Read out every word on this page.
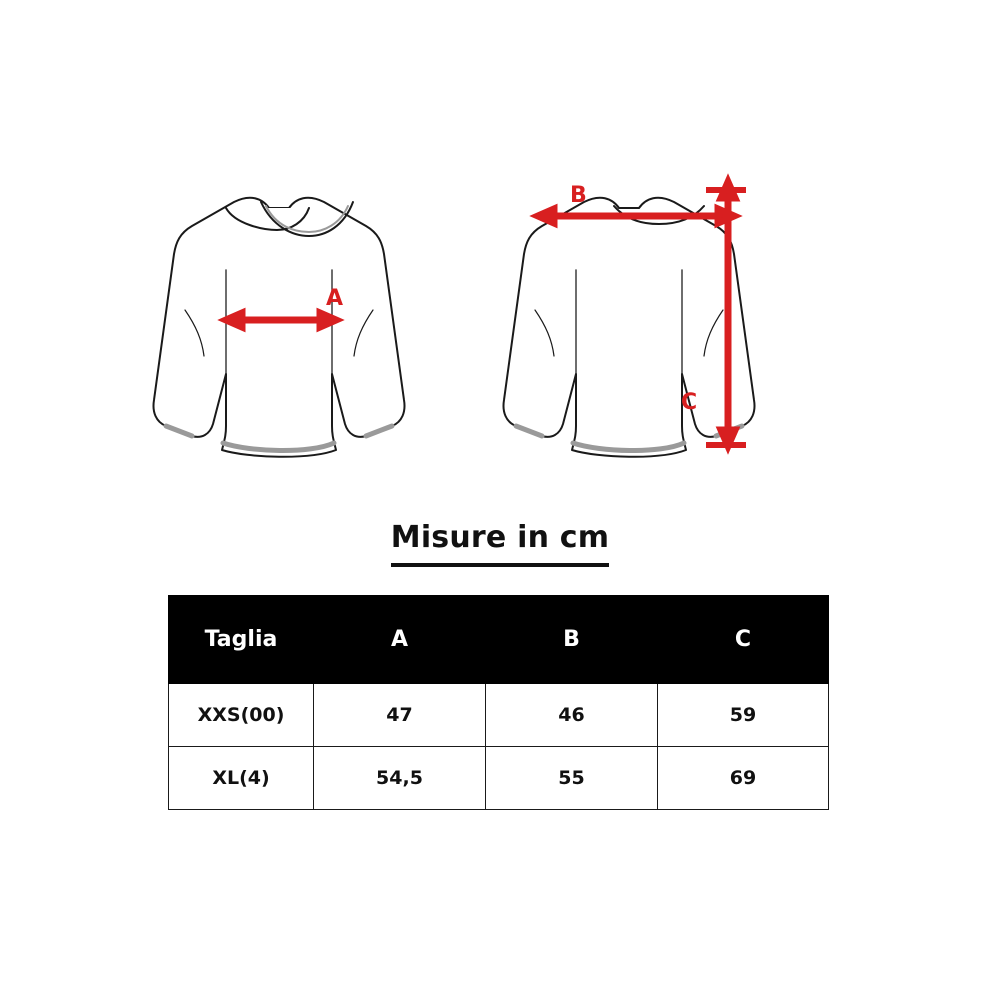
A
B
C
Misure in cm
Taglia	A	B	C
XXS(00)	47	46	59
XL(4)	54,5	55	69
